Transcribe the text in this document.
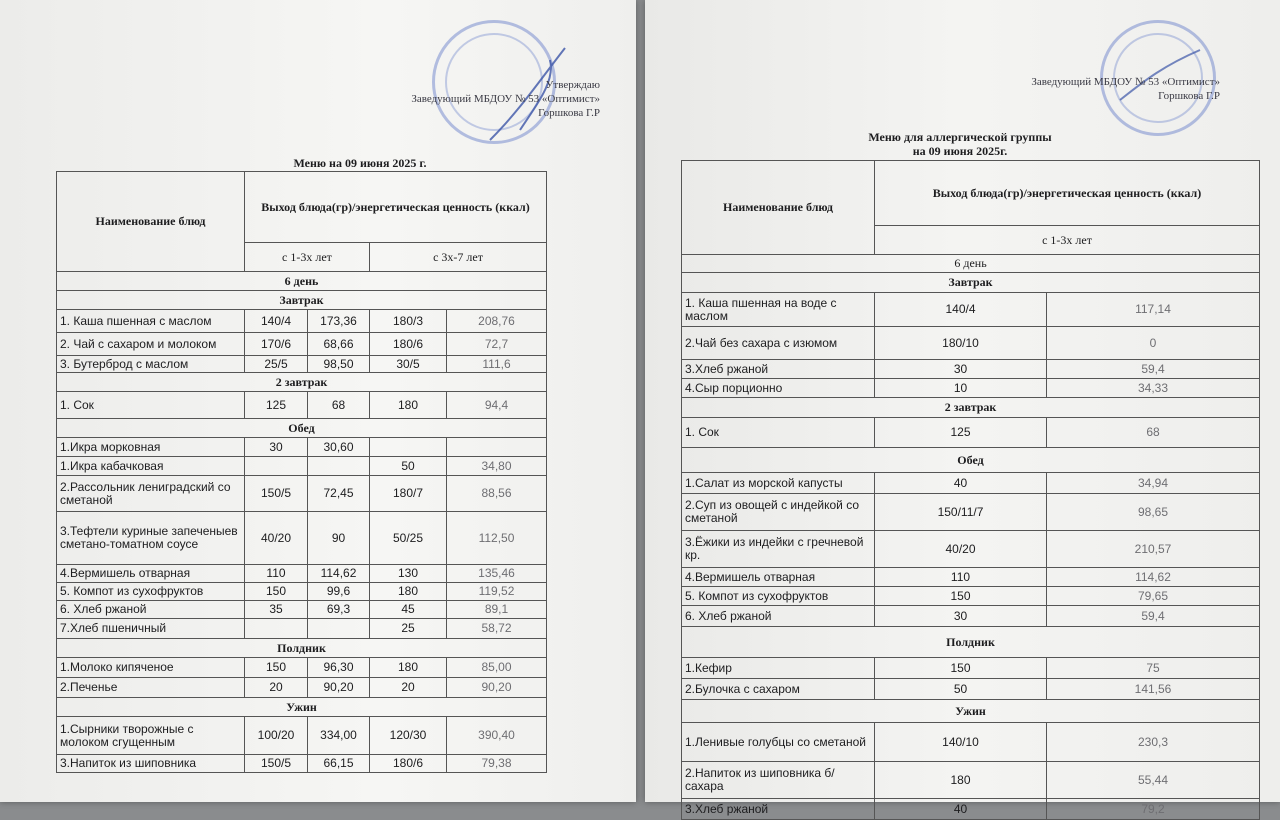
Утверждаю
Заведующий МБДОУ № 53 «Оптимист»
Горшкова Г.Р
Меню на 09 июня 2025 г.
Наименование блюд	Выход блюда(гр)/энергетическая ценность (ккал)			
	с 1-3х лет		с 3х-7 лет	
6 день				
Завтрак				
1. Каша пшенная с маслом	140/4	173,36	180/3	208,76
2. Чай с сахаром и молоком	170/6	68,66	180/6	72,7
3. Бутерброд с маслом	25/5	98,50	30/5	111,6
2 завтрак				
1. Сок	125	68	180	94,4
Обед				
1.Икра морковная	30	30,60		
1.Икра кабачковая			50	34,80
2.Рассольник лениградский со сметаной	150/5	72,45	180/7	88,56
3.Тефтели куриные запеченыев сметано-томатном соусе	40/20	90	50/25	112,50
4.Вермишель отварная	110	114,62	130	135,46
5. Компот из сухофруктов	150	99,6	180	119,52
6. Хлеб ржаной	35	69,3	45	89,1
7.Хлеб пшеничный			25	58,72
Полдник				
1.Молоко кипяченое	150	96,30	180	85,00
2.Печенье	20	90,20	20	90,20
Ужин				
1.Сырники творожные с молоком сгущенным	100/20	334,00	120/30	390,40
3.Напиток из шиповника	150/5	66,15	180/6	79,38
Заведующий МБДОУ № 53 «Оптимист»
Горшкова Г.Р
Меню для аллергической группы
на 09 июня 2025г.
Наименование блюд	Выход блюда(гр)/энергетическая ценность (ккал)	
	с 1-3х лет	
6 день		
Завтрак		
1. Каша пшенная на воде с маслом	140/4	117,14
2.Чай без сахара с изюмом	180/10	0
3.Хлеб ржаной	30	59,4
4.Сыр порционно	10	34,33
2 завтрак		
1. Сок	125	68
Обед		
1.Салат из морской капусты	40	34,94
2.Суп из овощей с индейкой со сметаной	150/11/7	98,65
3.Ёжики из индейки с гречневой кр.	40/20	210,57
4.Вермишель отварная	110	114,62
5. Компот из сухофруктов	150	79,65
6. Хлеб ржаной	30	59,4
Полдник		
1.Кефир	150	75
2.Булочка с сахаром	50	141,56
Ужин		
1.Ленивые голубцы со сметаной	140/10	230,3
2.Напиток из шиповника б/сахара	180	55,44
3.Хлеб ржаной	40	79,2
